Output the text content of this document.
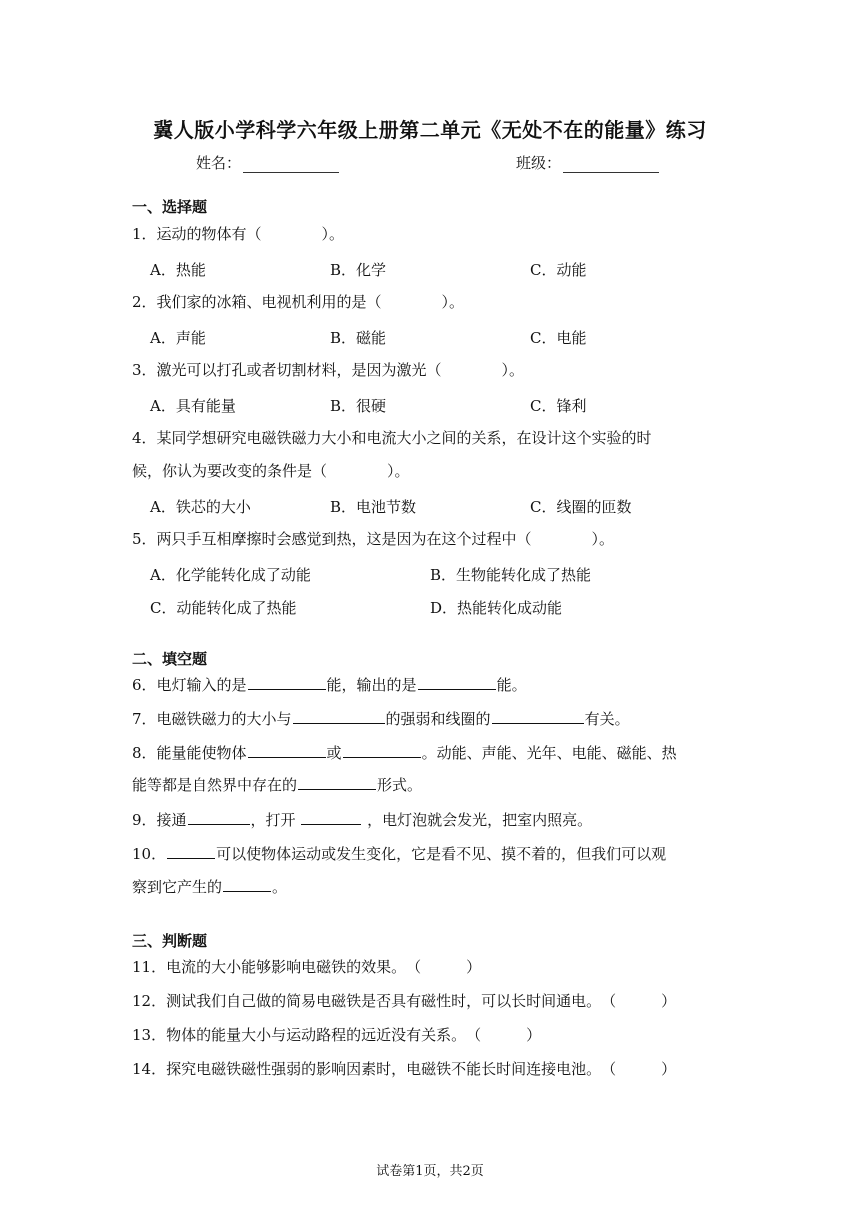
冀人版小学科学六年级上册第二单元《无处不在的能量》练习
姓名：	班级：
一、选择题
1．运动的物体有（　　　　）。
A．热能	B．化学	C．动能
2．我们家的冰箱、电视机利用的是（　　　　）。
A．声能	B．磁能	C．电能
3．激光可以打孔或者切割材料，是因为激光（　　　　）。
A．具有能量	B．很硬	C．锋利
4．某同学想研究电磁铁磁力大小和电流大小之间的关系，在设计这个实验的时
候，你认为要改变的条件是（　　　　）。
A．铁芯的大小	B．电池节数	C．线圈的匝数
5．两只手互相摩擦时会感觉到热，这是因为在这个过程中（　　　　）。
A．化学能转化成了动能	B．生物能转化成了热能
C．动能转化成了热能	D．热能转化成动能
二、填空题
6．电灯输入的是	能，输出的是	能。
7．电磁铁磁力的大小与	的强弱和线圈的	有关。
8．能量能使物体	或	。动能、声能、光年、电能、磁能、热
能等都是自然界中存在的	形式。
9．接通	，打开	，电灯泡就会发光，把室内照亮。
10．	可以使物体运动或发生变化，它是看不见、摸不着的，但我们可以观
察到它产生的	。
三、判断题
11．电流的大小能够影响电磁铁的效果。（　　　）
12．测试我们自己做的简易电磁铁是否具有磁性时，可以长时间通电。（　　　）
13．物体的能量大小与运动路程的远近没有关系。（　　　）
14．探究电磁铁磁性强弱的影响因素时，电磁铁不能长时间连接电池。（　　　）
试卷第1页，共2页
